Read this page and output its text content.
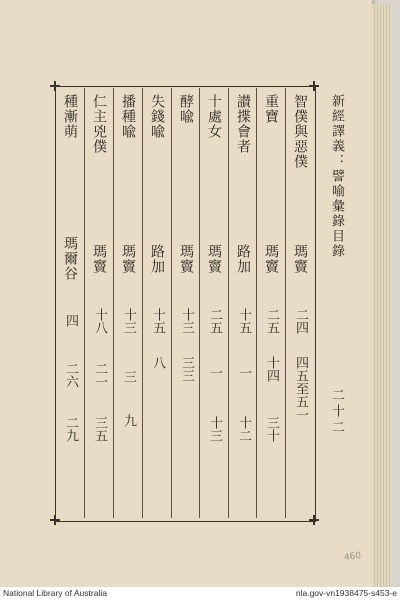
新經譯義：譬喻彙錄目錄
二十二
智僕與惡僕
瑪竇
二四
四五至五一
重寶
瑪竇
二五
十四
三十
讃揲會者
路加
十五
一
十二
十處女
瑪竇
二五
一
十三
酵喩
瑪竇
十三
三三
失錢喩
路加
十五
八
播種喩
瑪竇
十三
三
九
仁主兇僕
瑪竇
十八
二一
三五
種漸萌
瑪爾谷
四
二六
二九
460
National Library of Australia	nla.gov-vn1938475-s453-e
